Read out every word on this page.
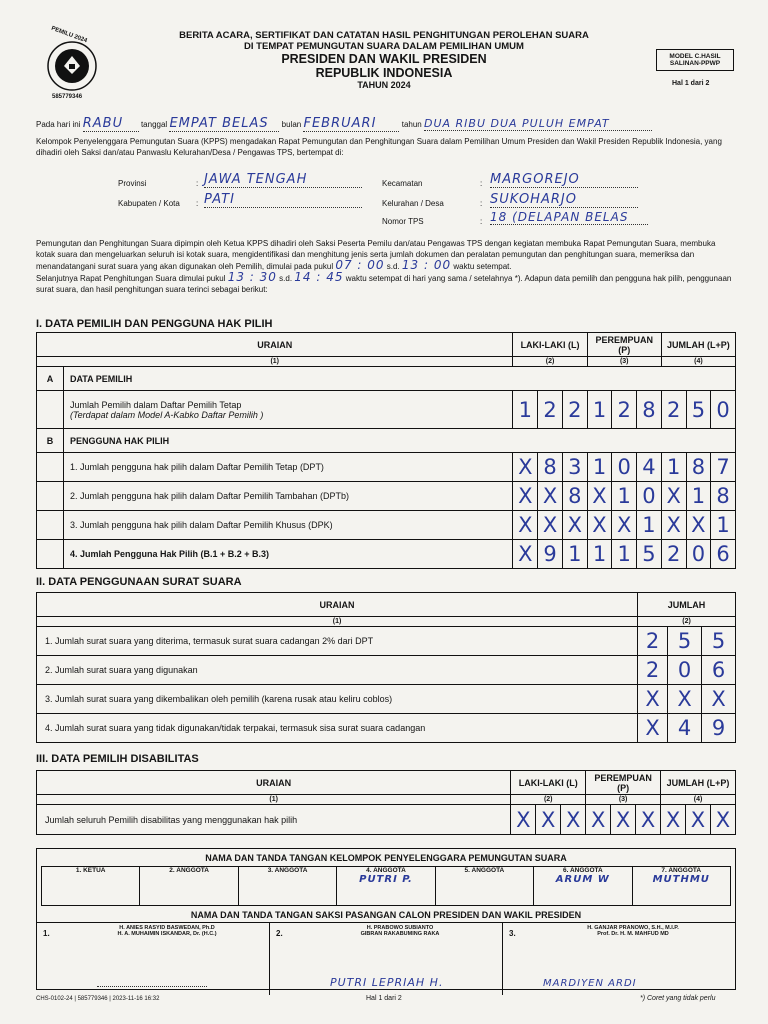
PEMILU 2024
585779346
BERITA ACARA, SERTIFIKAT DAN CATATAN HASIL PENGHITUNGAN PEROLEHAN SUARA
DI TEMPAT PEMUNGUTAN SUARA DALAM PEMILIHAN UMUM
PRESIDEN DAN WAKIL PRESIDEN
REPUBLIK INDONESIA
TAHUN 2024
MODEL C.HASIL SALINAN-PPWP
Hal 1 dari 2
Pada hari ini RABU tanggal EMPAT BELAS bulan FEBRUARI	tahun DUA RIBU DUA PULUH EMPAT
Kelompok Penyelenggara Pemungutan Suara (KPPS) mengadakan Rapat Pemungutan dan Penghitungan Suara dalam Pemilihan Umum Presiden dan Wakil Presiden Republik Indonesia, yang dihadiri oleh Saksi dan/atau Panwaslu Kelurahan/Desa / Pengawas TPS, bertempat di:
Provinsi	: JAWA TENGAH
Kabupaten / Kota : PATI
Kecamatan	: MARGOREJO
Kelurahan / Desa	: SUKOHARJO
Nomor TPS	: 18 (DELAPAN BELAS
Pemungutan dan Penghitungan Suara dipimpin oleh Ketua KPPS dihadiri oleh Saksi Peserta Pemilu dan/atau Pengawas TPS dengan kegiatan membuka Rapat Pemungutan Suara, membuka kotak suara dan mengeluarkan seluruh isi kotak suara, mengidentifikasi dan menghitung jenis serta jumlah dokumen dan peralatan pemungutan dan penghitungan suara, memeriksa dan menandatangani surat suara yang akan digunakan oleh Pemilih, dimulai pada pukul 07 : 00 s.d. 13 : 00 waktu setempat.
Selanjutnya Rapat Penghitungan Suara dimulai pukul 13 : 30 s.d. 14 : 45 waktu setempat di hari yang sama / setelahnya *). Adapun data pemilih dan pengguna hak pilih, penggunaan surat suara, dan hasil penghitungan suara terinci sebagai berikut:
I. DATA PEMILIH DAN PENGGUNA HAK PILIH
URAIAN		LAKI-LAKI (L)			PEREMPUAN (P)			JUMLAH (L+P)		
(1)		(2)			(3)			(4)		
A	DATA PEMILIH									

	Jumlah Pemilih dalam Daftar Pemilih Tetap
(Terdapat dalam Model A-Kabko Daftar Pemilih )	1	2	2	1	2	8	2	5	0
B	PENGGUNA HAK PILIH									
	1. Jumlah pengguna hak pilih dalam Daftar Pemilih Tetap (DPT)	X	8	3	1	0	4	1	8	7
	2. Jumlah pengguna hak pilih dalam Daftar Pemilih Tambahan (DPTb)	X	X	8	X	1	0	X	1	8
	3. Jumlah pengguna hak pilih dalam Daftar Pemilih Khusus (DPK)	X	X	X	X	X	1	X	X	1
	4. Jumlah Pengguna Hak Pilih (B.1 + B.2 + B.3)	X	9	1	1	1	5	2	0	6
II. DATA PENGGUNAAN SURAT SUARA
URAIAN	JUMLAH		
(1)	(2)		
1. Jumlah surat suara yang diterima, termasuk surat suara cadangan 2% dari DPT	2	5	5
2. Jumlah surat suara yang digunakan	2	0	6
3. Jumlah surat suara yang dikembalikan oleh pemilih (karena rusak atau keliru coblos)	X	X	X
4. Jumlah surat suara yang tidak digunakan/tidak terpakai, termasuk sisa surat suara cadangan	X	4	9
III. DATA PEMILIH DISABILITAS
URAIAN	LAKI-LAKI (L)			PEREMPUAN (P)			JUMLAH (L+P)		
(1)	(2)			(3)			(4)		
Jumlah seluruh Pemilih disabilitas yang menggunakan hak pilih	X	X	X	X	X	X	X	X	X
NAMA DAN TANDA TANGAN KELOMPOK PENYELENGGARA PEMUNGUTAN SUARA
1. KETUA	2. ANGGOTA	3. ANGGOTA	4. ANGGOTA
PUTRI P.
5. ANGGOTA	6. ANGGOTA
ARUM W
7. ANGGOTA
MUTHMU
NAMA DAN TANDA TANGAN SAKSI PASANGAN CALON PRESIDEN DAN WAKIL PRESIDEN
1.
H. ANIES RASYID BASWEDAN, Ph.D
H. A. MUHAIMIN ISKANDAR, Dr. (H.C.)	2.
H. PRABOWO SUBIANTO
GIBRAN RAKABUMING RAKA
PUTRI LEPRIAH H.
3.
H. GANJAR PRANOWO, S.H., M.I.P.
Prof. Dr. H. M. MAHFUD MD
MARDIYEN ARDI
CHS-0102-24 | 585779346 | 2023-11-16 16:32	Hal 1 dari 2	*) Coret yang tidak perlu
